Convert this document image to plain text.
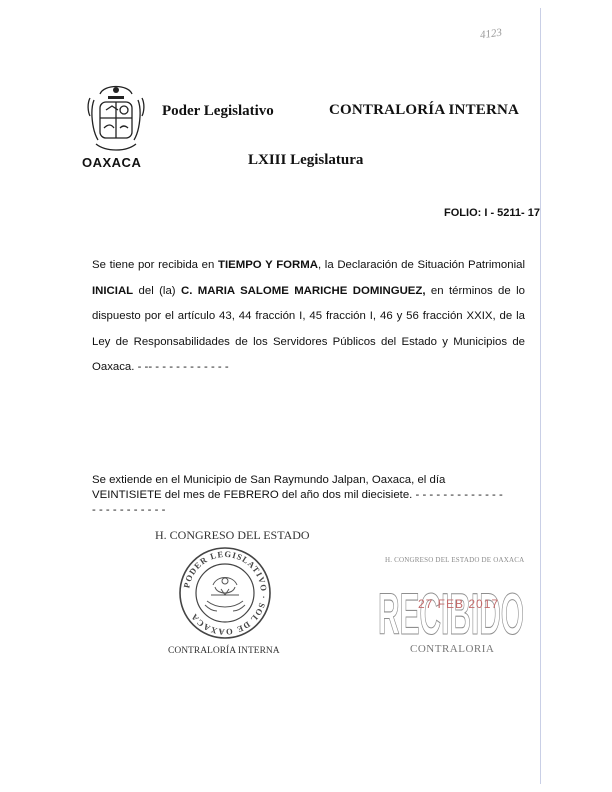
4123
OAXACA
Poder Legislativo	CONTRALORÍA INTERNA
LXIII Legislatura
FOLIO: I - 5211- 17
Se tiene por recibida en TIEMPO Y FORMA, la Declaración de Situación Patrimonial INICIAL del (la) C. MARIA SALOME MARICHE DOMINGUEZ, en términos de lo dispuesto por el artículo 43, 44 fracción I, 45 fracción I, 46 y 56 fracción XXIX, de la Ley de Responsabilidades de los Servidores Públicos del Estado y Municipios de Oaxaca. - -- - - - - - - - - - - -
Se extiende en el Municipio de San Raymundo Jalpan, Oaxaca, el día
VEINTISIETE del mes de FEBRERO del año dos mil diecisiete. - - - - - - - - - - - - -
- - - - - - - - - - -
H. CONGRESO DEL ESTADO
PODER LEGISLATIVO · SOL DE OAXACA
CONTRALORÍA INTERNA
H. CONGRESO DEL ESTADO DE OAXACA
RECIBIDO
27 FEB 2017
CONTRALORIA
